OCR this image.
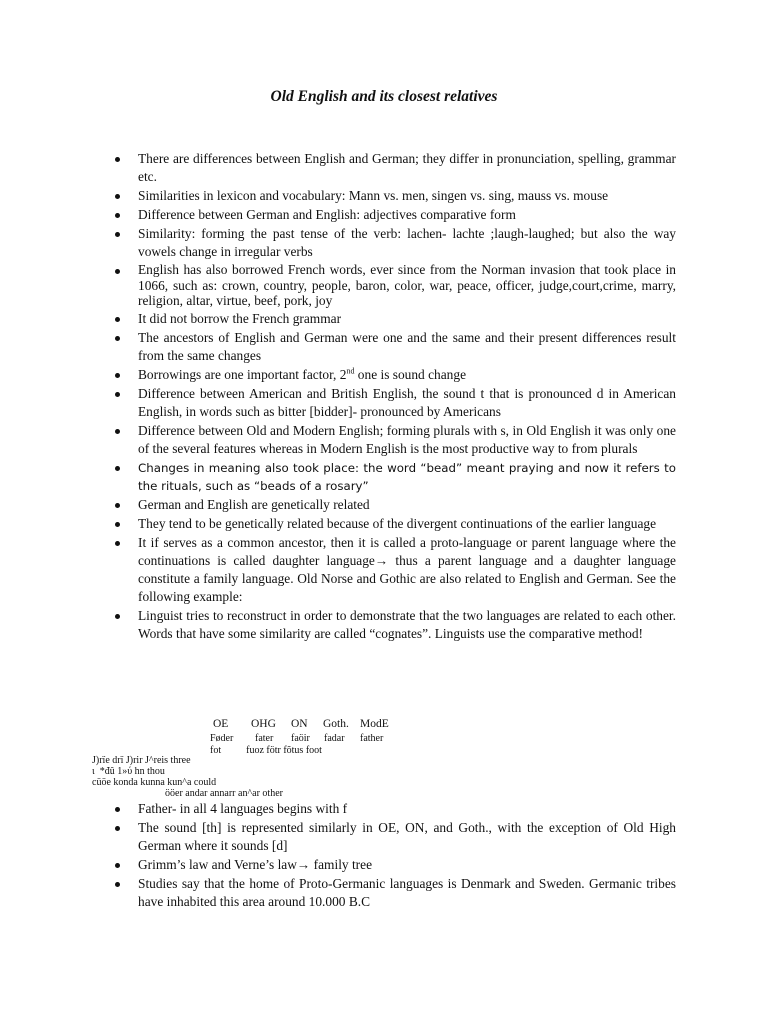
Old English and its closest relatives
There are differences between English and German; they differ in pronunciation, spelling, grammar etc.
Similarities in lexicon and vocabulary: Mann vs. men, singen vs. sing, mauss vs. mouse
Difference between German and English: adjectives comparative form
Similarity: forming the past tense of the verb: lachen- lachte ;laugh-laughed; but also the way vowels change in irregular verbs
English has also borrowed French words, ever since from the Norman invasion that took place in 1066, such as: crown, country, people, baron, color, war, peace, officer, judge,court,crime, marry, religion, altar, virtue, beef, pork, joy
It did not borrow the French grammar
The ancestors of English and German were one and the same and their present differences result from the same changes
Borrowings are one important factor, 2nd one is sound change
Difference between American and British English, the sound t that is pronounced d in American English, in words such as bitter [bidder]- pronounced by Americans
Difference between Old and Modern English; forming plurals with s, in Old English it was only one of the several features whereas in Modern English is the most productive way to from plurals
Changes in meaning also took place: the word “bead” meant praying and now it refers to the rituals, such as “beads of a rosary”
German and English are genetically related
They tend to be genetically related because of the divergent continuations of the earlier language
It if serves as a common ancestor, then it is called a proto-language or parent language where the continuations is called daughter language→ thus a parent language and a daughter language constitute a family language. Old Norse and Gothic are also related to English and German. See the following example:
Linguist tries to reconstruct in order to demonstrate that the two languages are related to each other. Words that have some similarity are called “cognates”. Linguists use the comparative method!
OE OHG ON Goth. ModE
Føder fater faöir fadar father
fot          fuoz fötr fõtus foot
J)rïe drï J)rir J^reis three
ι  *đû 1»ύ hn thou
cüöe konda kunna kun^a could
ööer andar annarr an^ar other
Father- in all 4 languages begins with f
The sound [th] is represented similarly in OE, ON, and Goth., with the exception of Old High German where it sounds [d]
Grimm’s law and Verne’s law→ family tree
Studies say that the home of Proto-Germanic languages is Denmark and Sweden. Germanic tribes have inhabited this area around 10.000 B.C
